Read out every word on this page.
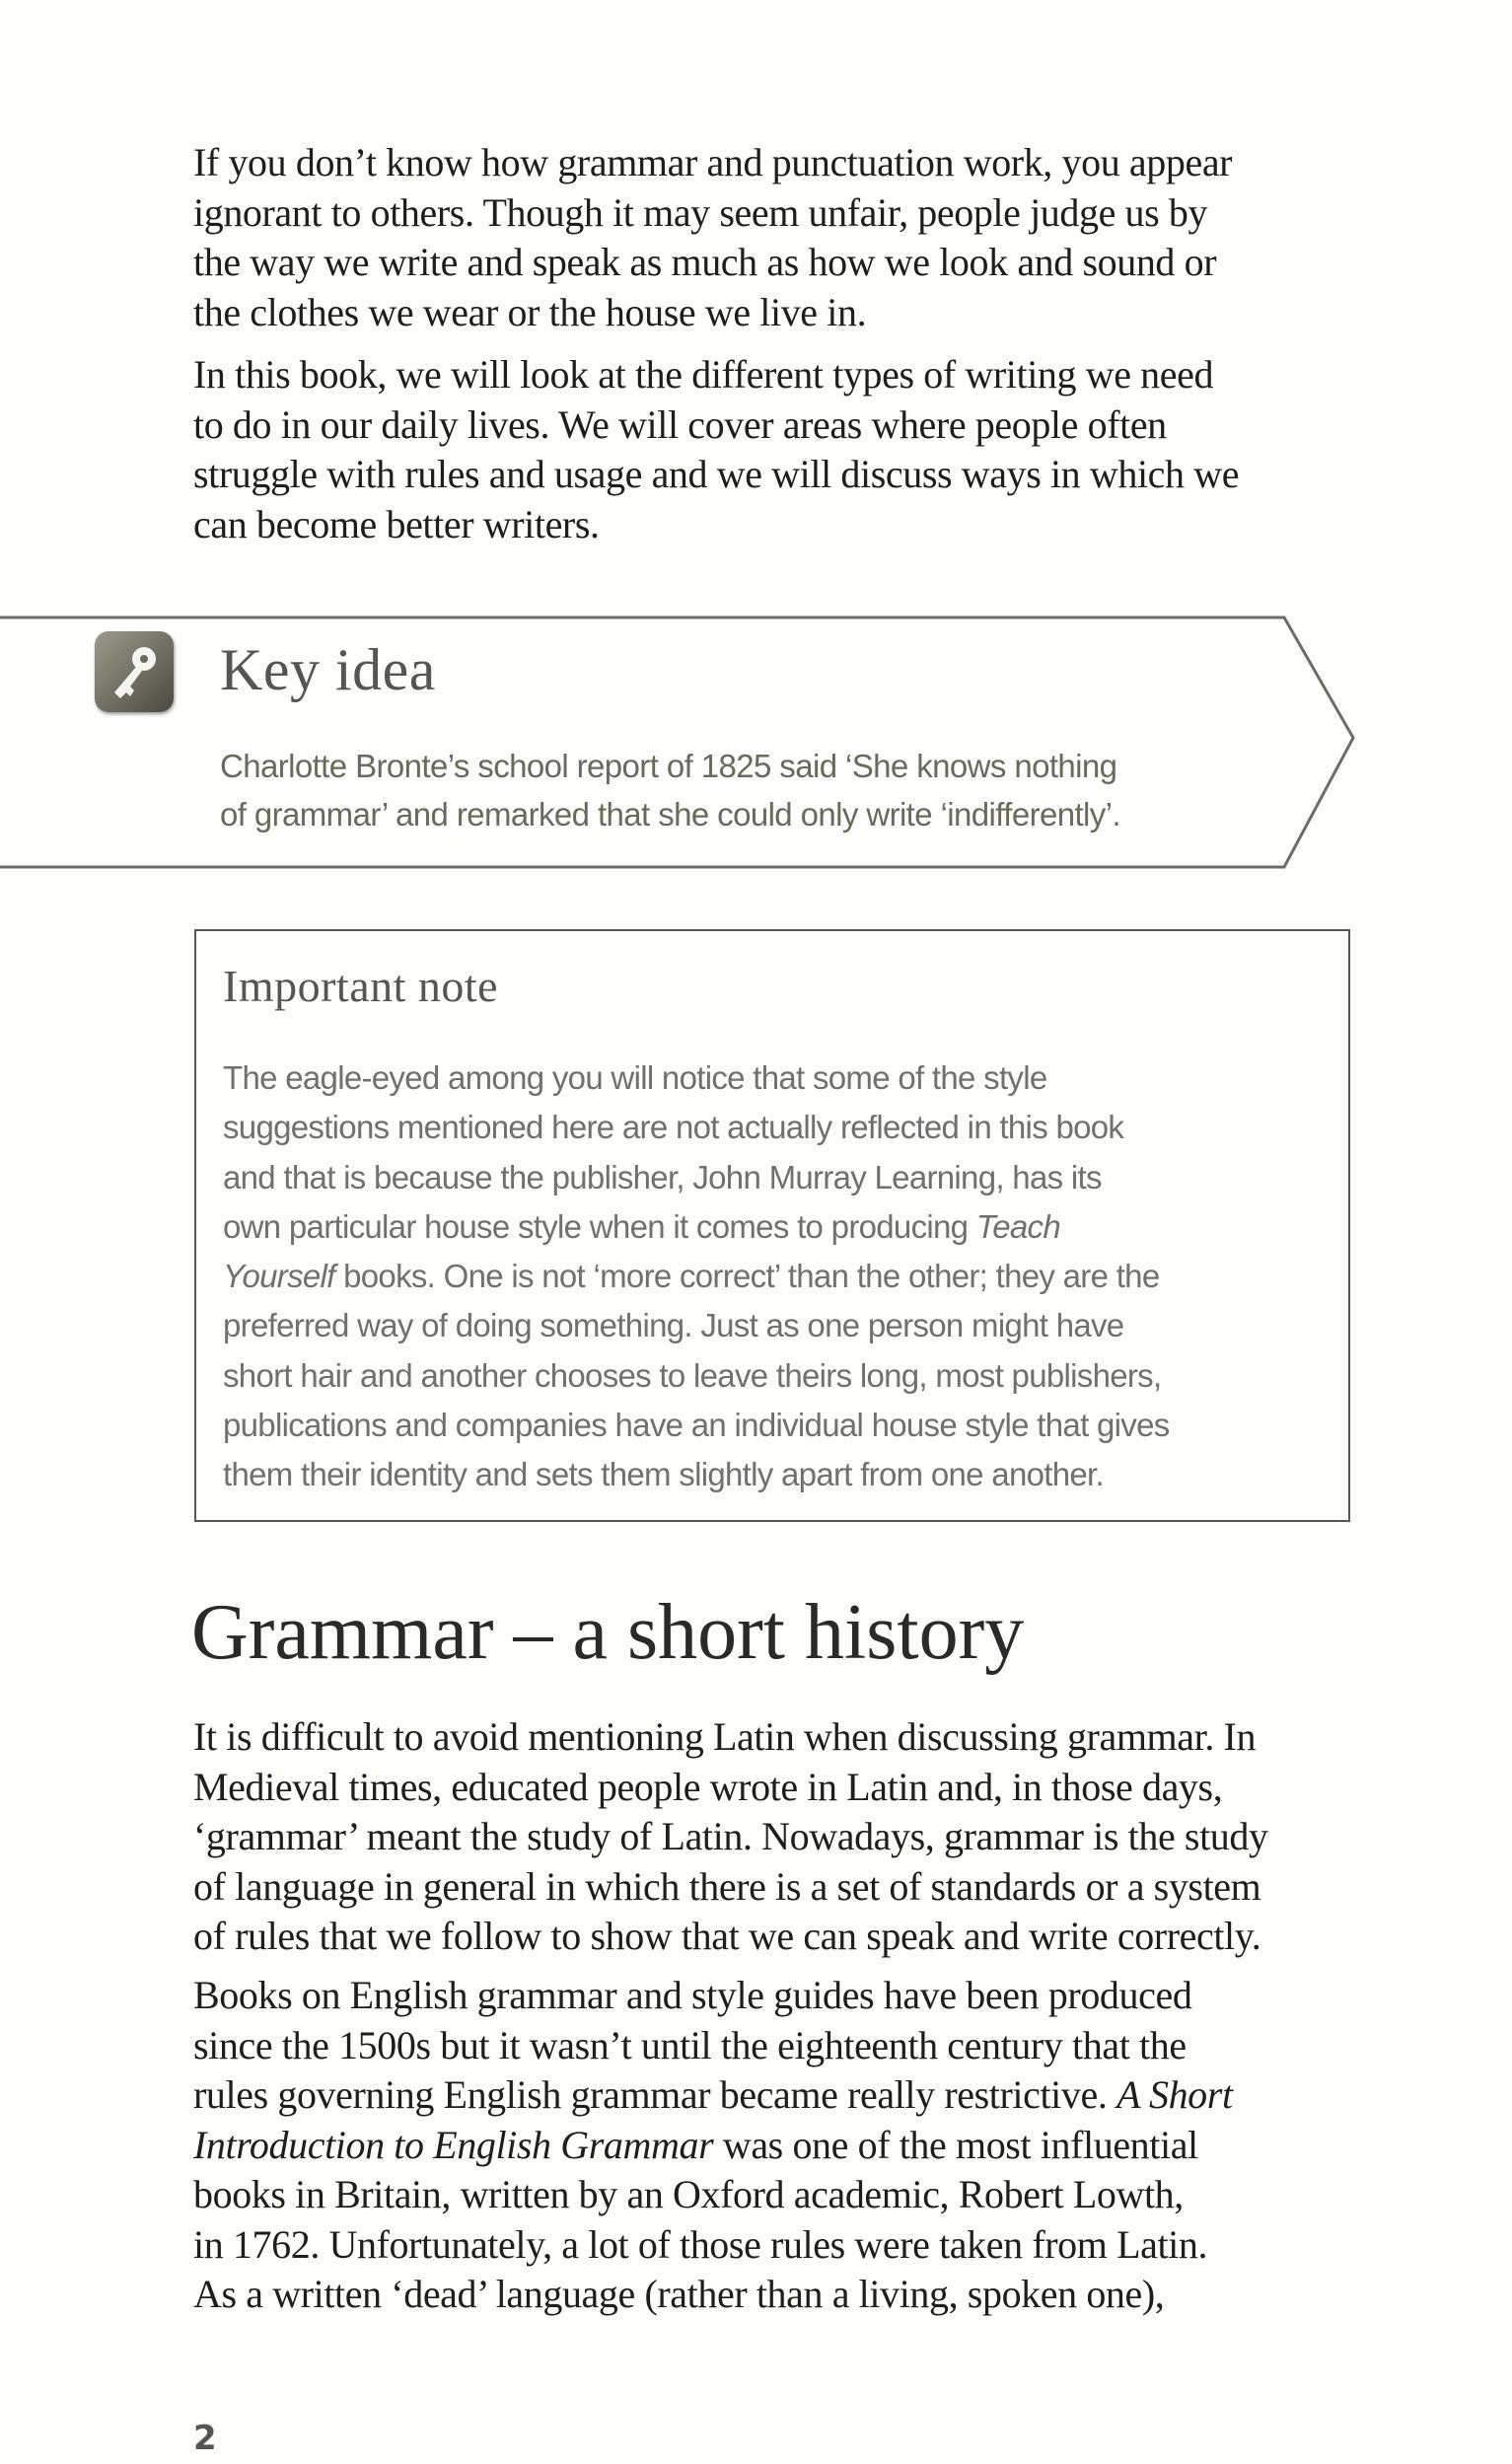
If you don’t know how grammar and punctuation work, you appear
ignorant to others. Though it may seem unfair, people judge us by
the way we write and speak as much as how we look and sound or
the clothes we wear or the house we live in.
In this book, we will look at the different types of writing we need
to do in our daily lives. We will cover areas where people often
struggle with rules and usage and we will discuss ways in which we
can become better writers.
Key idea
Charlotte Bronte’s school report of 1825 said ‘She knows nothing
of grammar’ and remarked that she could only write ‘indifferently’.
Important note
The eagle-eyed among you will notice that some of the style
suggestions mentioned here are not actually reflected in this book
and that is because the publisher, John Murray Learning, has its
own particular house style when it comes to producing Teach
Yourself books. One is not ‘more correct’ than the other; they are the
preferred way of doing something. Just as one person might have
short hair and another chooses to leave theirs long, most publishers,
publications and companies have an individual house style that gives
them their identity and sets them slightly apart from one another.
Grammar – a short history
It is difficult to avoid mentioning Latin when discussing grammar. In
Medieval times, educated people wrote in Latin and, in those days,
‘grammar’ meant the study of Latin. Nowadays, grammar is the study
of language in general in which there is a set of standards or a system
of rules that we follow to show that we can speak and write correctly.
Books on English grammar and style guides have been produced
since the 1500s but it wasn’t until the eighteenth century that the
rules governing English grammar became really restrictive. A Short
Introduction to English Grammar was one of the most influential
books in Britain, written by an Oxford academic, Robert Lowth,
in 1762. Unfortunately, a lot of those rules were taken from Latin.
As a written ‘dead’ language (rather than a living, spoken one),
2
